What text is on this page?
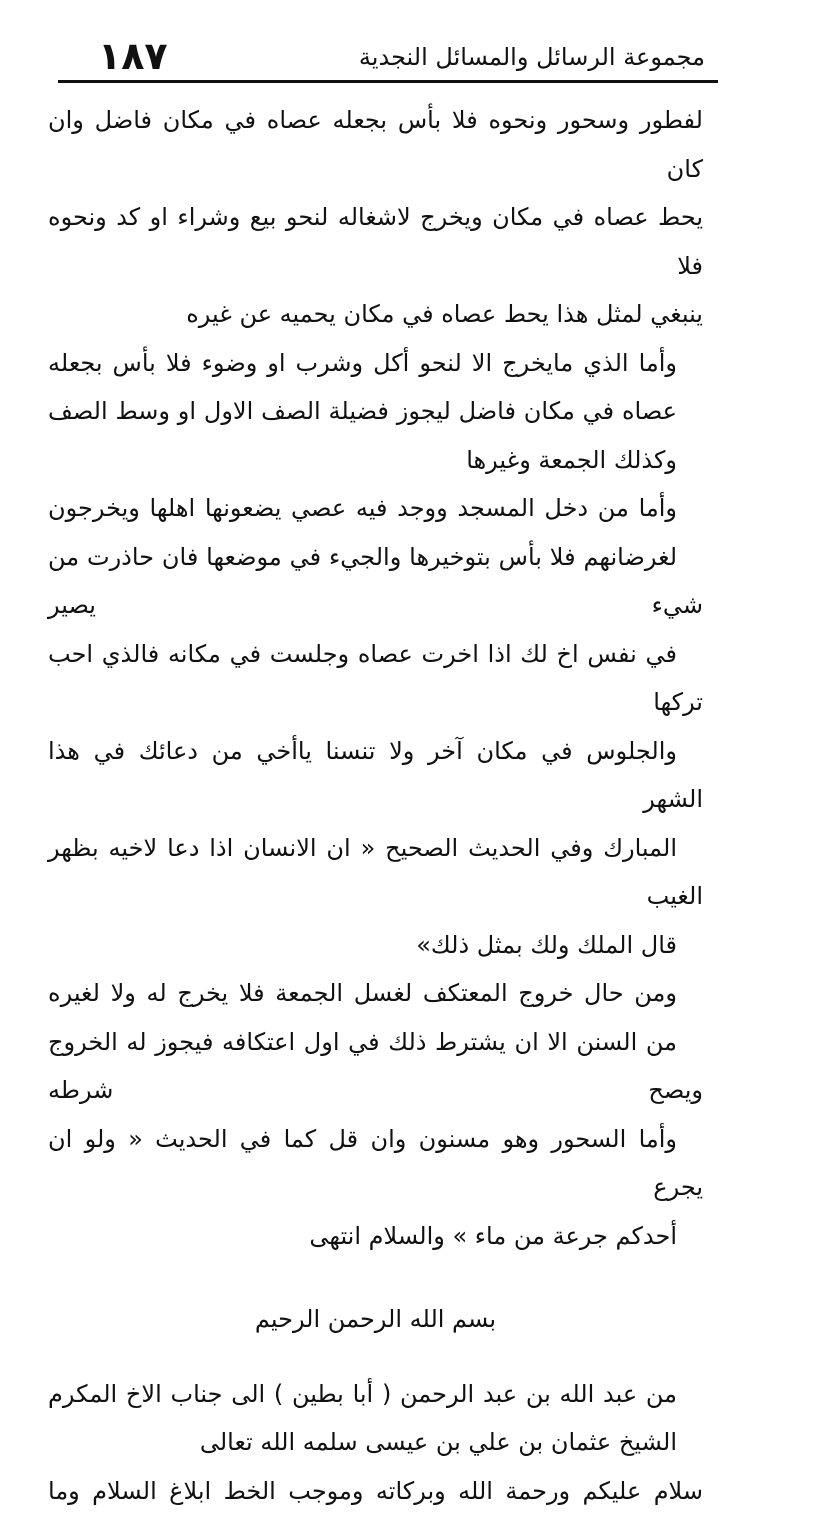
١٨٧	مجموعة الرسائل والمسائل النجدية

لفطور وسحور ونحوه فلا بأس بجعله عصاه في مكان فاضل وان كان
يحط عصاه في مكان ويخرج لاشغاله لنحو بيع وشراء او كد ونحوه فلا
ينبغي لمثل هذا يحط عصاه في مكان يحميه عن غيره

وأما الذي مايخرج الا لنحو أكل وشرب او وضوء فلا بأس بجعله
عصاه في مكان فاضل ليجوز فضيلة الصف الاول او وسط الصف
وكذلك الجمعة وغيرها

وأما من دخل المسجد ووجد فيه عصي يضعونها اهلها ويخرجون
لغرضانهم فلا بأس بتوخيرها والجيء في موضعها فان حاذرت من شيء يصير
في نفس اخ لك اذا اخرت عصاه وجلست في مكانه فالذي احب تركها
والجلوس في مكان آخر ولا تنسنا ياأخي من دعائك في هذا الشهر
المبارك وفي الحديث الصحيح « ان الانسان اذا دعا لاخيه بظهر الغيب
قال الملك ولك بمثل ذلك»

ومن حال خروج المعتكف لغسل الجمعة فلا يخرج له ولا لغيره
من السنن الا ان يشترط ذلك في اول اعتكافه فيجوز له الخروج ويصح شرطه

وأما السحور وهو مسنون وان قل كما في الحديث « ولو ان يجرع
أحدكم جرعة من ماء » والسلام انتهى

بسم الله الرحمن الرحيم

من عبد الله بن عبد الرحمن ( أبا بطين ) الى جناب الاخ المكرم
الشيخ عثمان بن علي بن عيسى سلمه الله تعالى

سلام عليكم ورحمة الله وبركاته وموجب الخط ابلاغ السلام وما
